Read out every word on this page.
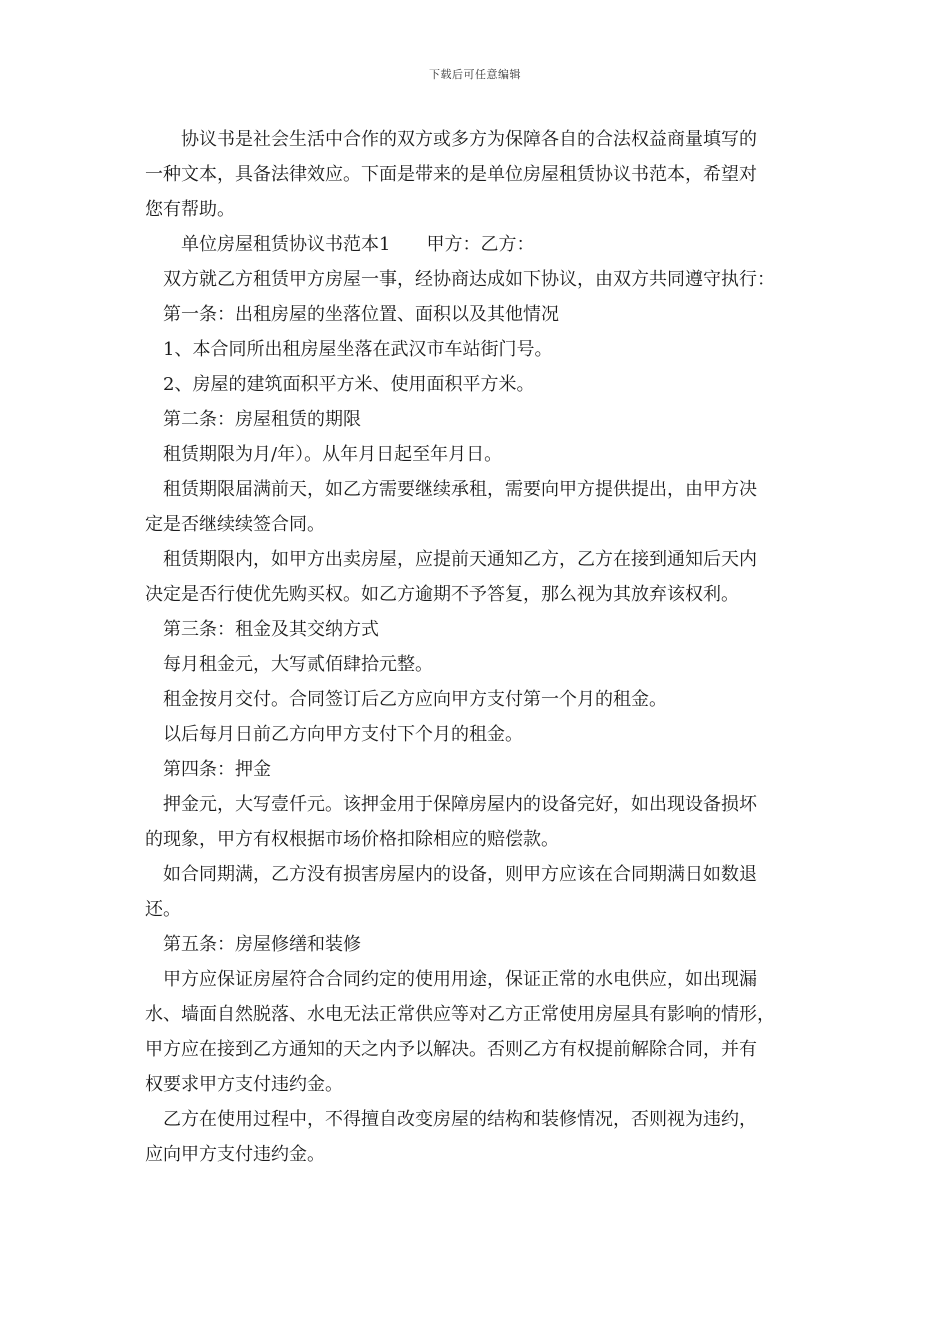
下载后可任意编辑
协议书是社会生活中合作的双方或多方为保障各自的合法权益商量填写的
一种文本，具备法律效应。下面是带来的是单位房屋租赁协议书范本，希望对
您有帮助。
单位房屋租赁协议书范本1　　甲方：乙方：
双方就乙方租赁甲方房屋一事，经协商达成如下协议，由双方共同遵守执行：
第一条：出租房屋的坐落位置、面积以及其他情况
1、本合同所出租房屋坐落在武汉市车站街门号。
2、房屋的建筑面积平方米、使用面积平方米。
第二条：房屋租赁的期限
租赁期限为月/年）。从年月日起至年月日。
租赁期限届满前天，如乙方需要继续承租，需要向甲方提供提出，由甲方决
定是否继续续签合同。
租赁期限内，如甲方出卖房屋，应提前天通知乙方，乙方在接到通知后天内
决定是否行使优先购买权。如乙方逾期不予答复，那么视为其放弃该权利。
第三条：租金及其交纳方式
每月租金元，大写贰佰肆拾元整。
租金按月交付。合同签订后乙方应向甲方支付第一个月的租金。
以后每月日前乙方向甲方支付下个月的租金。
第四条：押金
押金元，大写壹仟元。该押金用于保障房屋内的设备完好，如出现设备损坏
的现象，甲方有权根据市场价格扣除相应的赔偿款。
如合同期满，乙方没有损害房屋内的设备，则甲方应该在合同期满日如数退
还。
第五条：房屋修缮和装修
甲方应保证房屋符合合同约定的使用用途，保证正常的水电供应，如出现漏
水、墙面自然脱落、水电无法正常供应等对乙方正常使用房屋具有影响的情形，
甲方应在接到乙方通知的天之内予以解决。否则乙方有权提前解除合同，并有
权要求甲方支付违约金。
乙方在使用过程中，不得擅自改变房屋的结构和装修情况，否则视为违约，
应向甲方支付违约金。
